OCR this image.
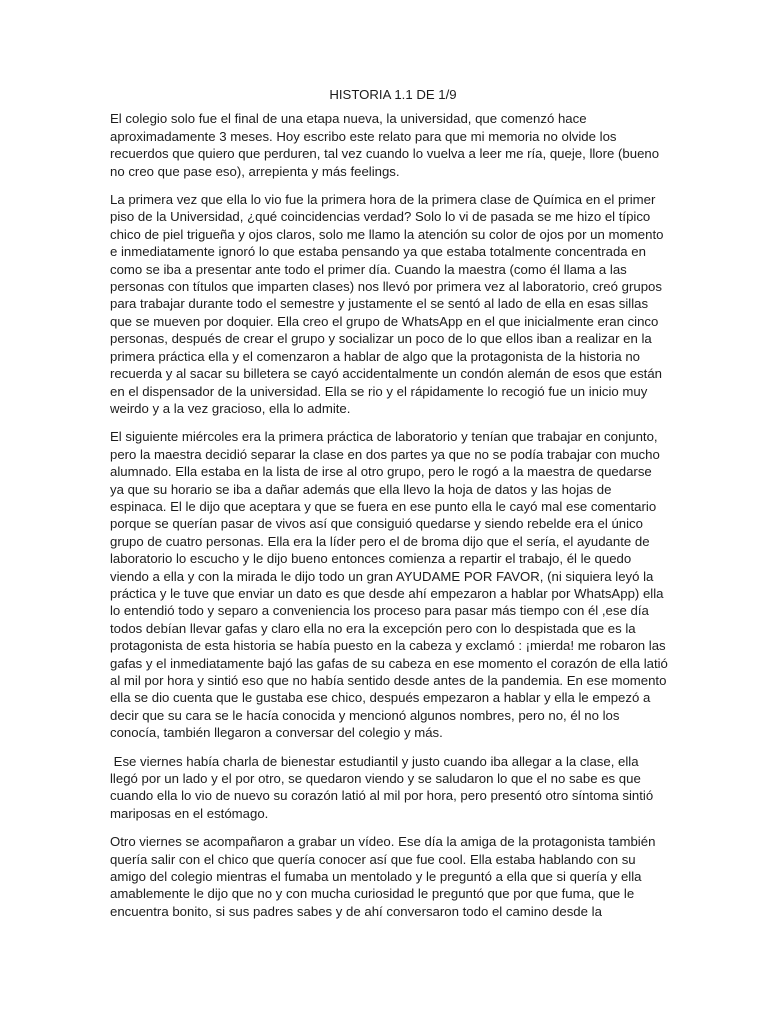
HISTORIA 1.1 DE 1/9

El colegio solo fue el final de una etapa nueva, la universidad, que comenzó hace aproximadamente 3 meses. Hoy escribo este relato para que mi memoria no olvide los recuerdos que quiero que perduren, tal vez cuando lo vuelva a leer me ría, queje, llore (bueno no creo que pase eso), arrepienta y más feelings.

La primera vez que ella lo vio fue la primera hora de la primera clase de Química en el primer piso de la Universidad, ¿qué coincidencias verdad? Solo lo vi de pasada se me hizo el típico chico de piel trigueña y ojos claros, solo me llamo la atención su color de ojos por un momento e inmediatamente ignoró lo que estaba pensando ya que estaba totalmente concentrada en como se iba a presentar ante todo el primer día. Cuando la maestra (como él llama a las personas con títulos que imparten clases) nos llevó por primera vez al laboratorio, creó grupos para trabajar durante todo el semestre y justamente el se sentó al lado de ella en esas sillas que se mueven por doquier. Ella creo el grupo de WhatsApp en el que inicialmente eran cinco personas, después de crear el grupo y socializar un poco de lo que ellos iban a realizar en la primera práctica ella y el comenzaron a hablar de algo que la protagonista de la historia no recuerda y al sacar su billetera se cayó accidentalmente un condón alemán de esos que están en el dispensador de la universidad. Ella se rio y el rápidamente lo recogió fue un inicio muy weirdo y a la vez gracioso, ella lo admite.

El siguiente miércoles era la primera práctica de laboratorio y tenían que trabajar en conjunto, pero la maestra decidió separar la clase en dos partes ya que no se podía trabajar con mucho alumnado. Ella estaba en la lista de irse al otro grupo, pero le rogó a la maestra de quedarse ya que su horario se iba a dañar además que ella llevo la hoja de datos y las hojas de espinaca. El le dijo que aceptara y que se fuera en ese punto ella le cayó mal ese comentario porque se querían pasar de vivos así que consiguió quedarse y siendo rebelde era el único grupo de cuatro personas. Ella era la líder pero el de broma dijo que el sería, el ayudante de laboratorio lo escucho y le dijo bueno entonces comienza a repartir el trabajo, él le quedo viendo a ella y con la mirada le dijo todo un gran AYUDAME POR FAVOR, (ni siquiera leyó la práctica y le tuve que enviar un dato es que desde ahí empezaron a hablar por WhatsApp) ella lo entendió todo y separo a conveniencia los proceso para pasar más tiempo con él ,ese día todos debían llevar gafas y claro ella no era la excepción pero con lo despistada que es la protagonista de esta historia se había puesto en la cabeza y exclamó : ¡mierda! me robaron las gafas y el inmediatamente bajó las gafas de su cabeza en ese momento el corazón de ella latió al mil por hora y sintió eso que no había sentido desde antes de la pandemia. En ese momento ella se dio cuenta que le gustaba ese chico, después empezaron a hablar y ella le empezó a decir que su cara se le hacía conocida y mencionó algunos nombres, pero no, él no los conocía, también llegaron a conversar del colegio y más.

Ese viernes había charla de bienestar estudiantil y justo cuando iba allegar a la clase, ella llegó por un lado y el por otro, se quedaron viendo y se saludaron lo que el no sabe es que cuando ella lo vio de nuevo su corazón latió al mil por hora, pero presentó otro síntoma sintió mariposas en el estómago.

Otro viernes se acompañaron a grabar un vídeo. Ese día la amiga de la protagonista también quería salir con el chico que quería conocer así que fue cool. Ella estaba hablando con su amigo del colegio mientras el fumaba un mentolado y le preguntó a ella que si quería y ella amablemente le dijo que no y con mucha curiosidad le preguntó que por que fuma, que le encuentra bonito, si sus padres sabes y de ahí conversaron todo el camino desde la
